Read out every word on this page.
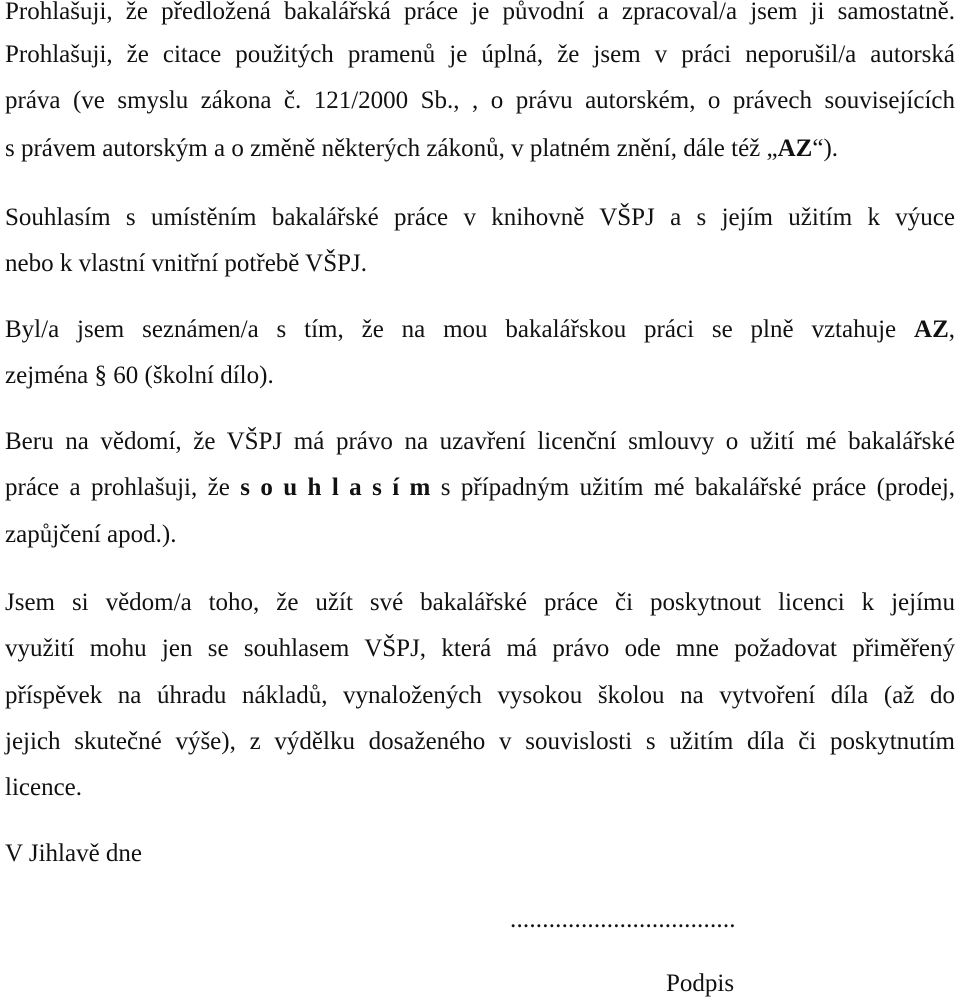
Prohlašuji, že předložená bakalářská práce je původní a zpracoval/a jsem ji samostatně.
Prohlašuji, že citace použitých pramenů je úplná, že jsem v práci neporušil/a autorská
práva (ve smyslu zákona č. 121/2000 Sb., , o právu autorském, o právech souvisejících
s právem autorským a o změně některých zákonů, v platném znění, dále též „AZ“).
Souhlasím s umístěním bakalářské práce v knihovně VŠPJ a s jejím užitím k výuce
nebo k vlastní vnitřní potřebě VŠPJ.
Byl/a jsem seznámen/a s tím, že na mou bakalářskou práci se plně vztahuje AZ,
zejména § 60 (školní dílo).
Beru na vědomí, že VŠPJ má právo na uzavření licenční smlouvy o užití mé bakalářské
práce a prohlašuji, že s o u h l a s í m s případným užitím mé bakalářské práce (prodej,
zapůjčení apod.).
Jsem si vědom/a toho, že užít své bakalářské práce či poskytnout licenci k jejímu
využití mohu jen se souhlasem VŠPJ, která má právo ode mne požadovat přiměřený
příspěvek na úhradu nákladů, vynaložených vysokou školou na vytvoření díla (až do
jejich skutečné výše), z výdělku dosaženého v souvislosti s užitím díla či poskytnutím
licence.
V Jihlavě dne
...................................
Podpis
